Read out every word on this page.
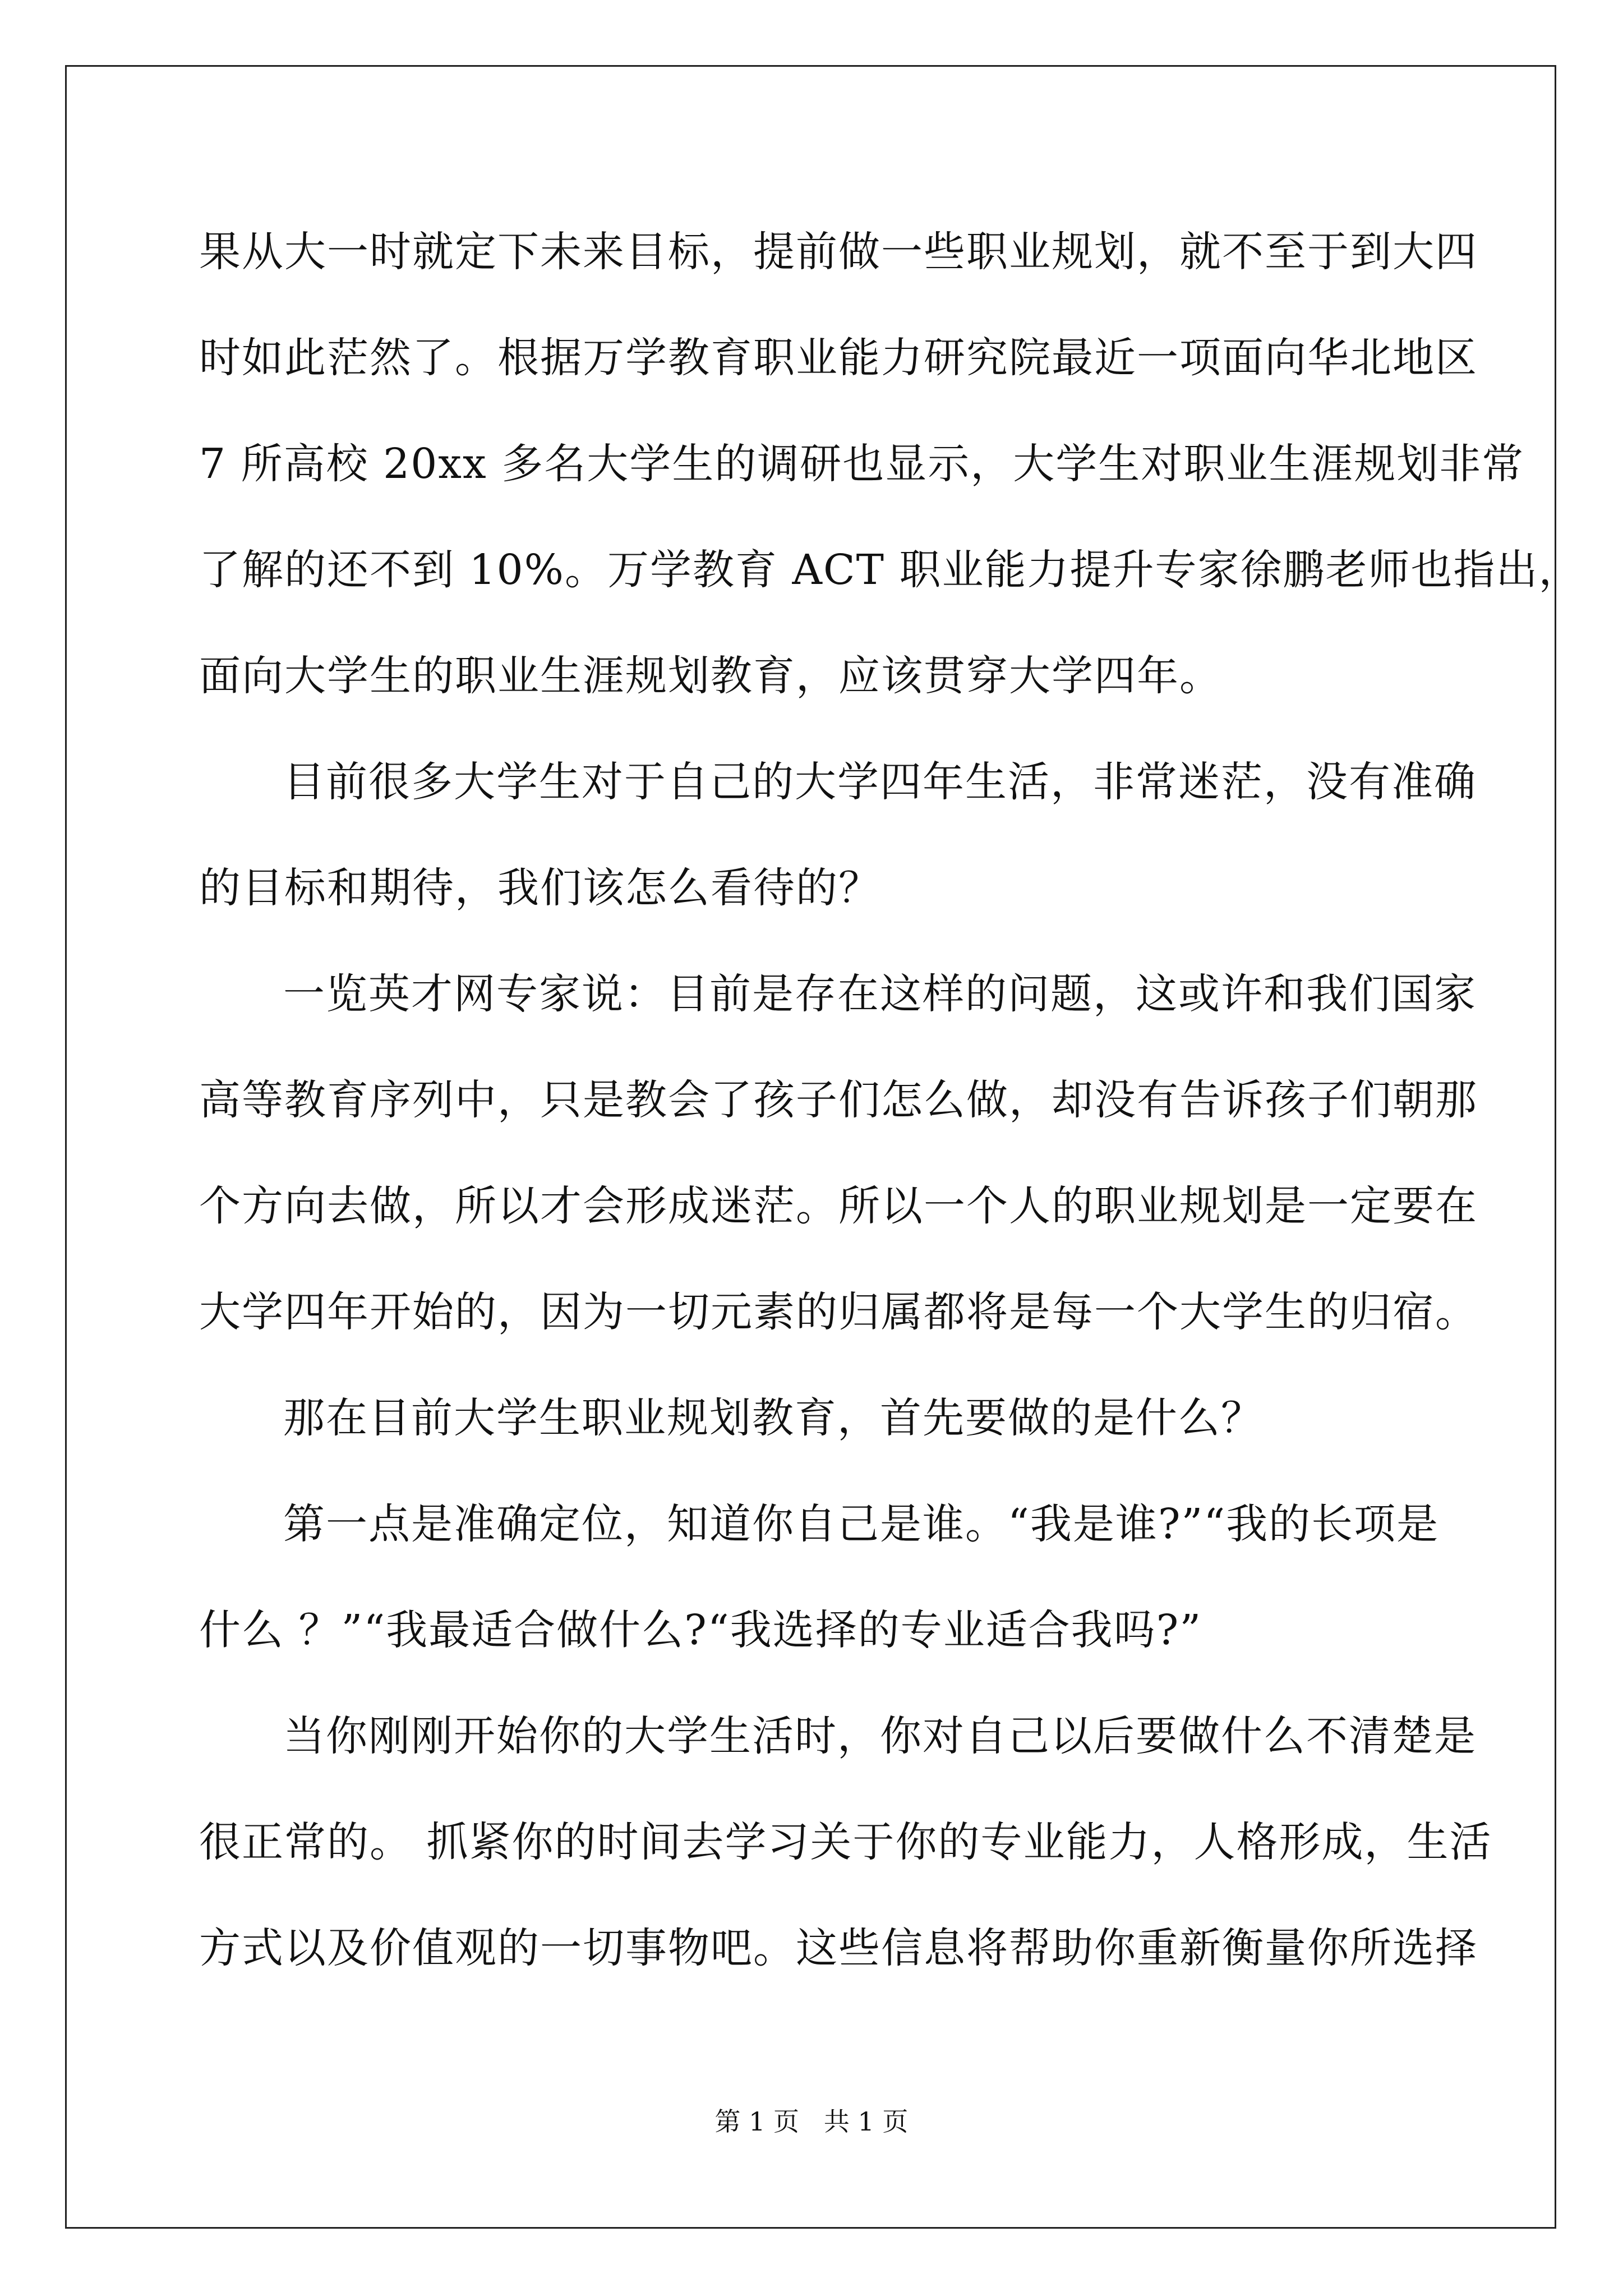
果从大一时就定下未来目标，提前做一些职业规划，就不至于到大四
时如此茫然了。根据万学教育职业能力研究院最近一项面向华北地区
7 所高校 20xx 多名大学生的调研也显示，大学生对职业生涯规划非常
了解的还不到 10%。万学教育 ACT 职业能力提升专家徐鹏老师也指出，
面向大学生的职业生涯规划教育，应该贯穿大学四年。
目前很多大学生对于自己的大学四年生活，非常迷茫，没有准确
的目标和期待，我们该怎么看待的？
一览英才网专家说：目前是存在这样的问题，这或许和我们国家
高等教育序列中，只是教会了孩子们怎么做，却没有告诉孩子们朝那
个方向去做，所以才会形成迷茫。所以一个人的职业规划是一定要在
大学四年开始的，因为一切元素的归属都将是每一个大学生的归宿。
那在目前大学生职业规划教育，首先要做的是什么？
第一点是准确定位，知道你自己是谁。“我是谁?”“我的长项是
什么 ？”“我最适合做什么?“我选择的专业适合我吗?”
当你刚刚开始你的大学生活时，你对自己以后要做什么不清楚是
很正常的。 抓紧你的时间去学习关于你的专业能力，人格形成，生活
方式以及价值观的一切事物吧。这些信息将帮助你重新衡量你所选择
第 1 页   共 1 页
